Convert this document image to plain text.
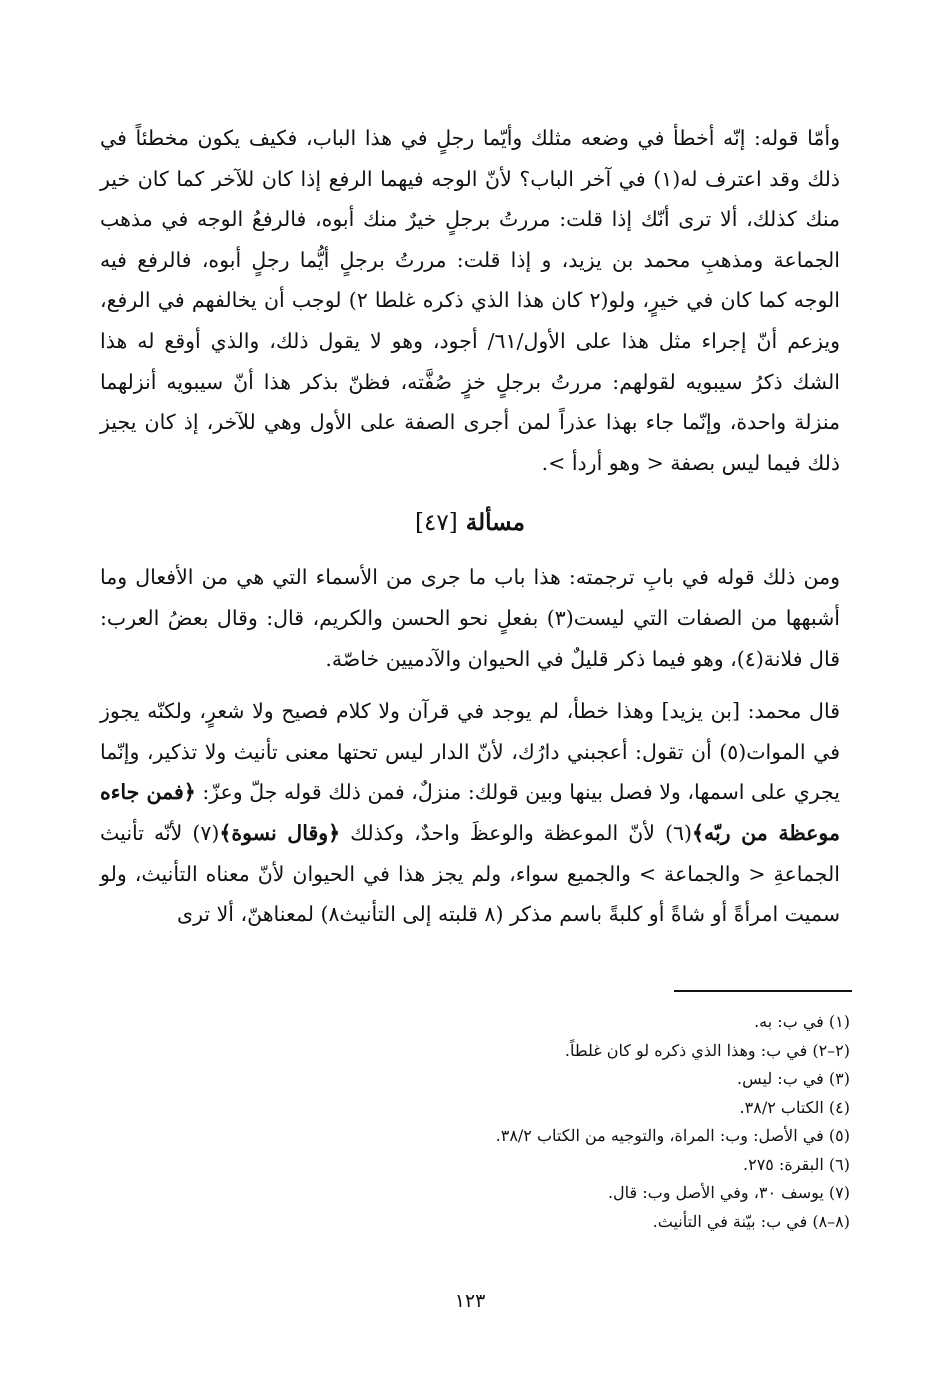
وأمّا قوله: إنّه أخطأ في وضعه مثلك وأيّما رجلٍ في هذا الباب، فكيف يكون مخطئاً في ذلك وقد اعترف له(١) في آخر الباب؟ لأنّ الوجه فيهما الرفع إذا كان للآخر كما كان خير منك كذلك، ألا ترى أنّك إذا قلت: مررتُ برجلٍ خيرٌ منك أبوه، فالرفعُ الوجه في مذهب الجماعة ومذهبِ محمد بن يزيد، و إذا قلت: مررتُ برجلٍ أيُّما رجلٍ أبوه، فالرفع فيه الوجه كما كان في خيرٍ، ولو(٢ كان هذا الذي ذكره غلطا ٢) لوجب أن يخالفهم في الرفع، ويزعم أنّ إجراء مثل هذا على الأول/٦١/ أجود، وهو لا يقول ذلك، والذي أوقع له هذا الشك ذكرُ سيبويه لقولهم: مررتُ برجلٍ خزٍ صُفَّته، فظنّ بذكر هذا أنّ سيبويه أنزلهما منزلة واحدة، وإنّما جاء بهذا عذراً لمن أجرى الصفة على الأول وهي للآخر، إذ كان يجيز ذلك فيما ليس بصفة < وهو أردأ >.

مسألة [٤٧]

ومن ذلك قوله في بابِ ترجمته: هذا باب ما جرى من الأسماء التي هي من الأفعال وما أشبهها من الصفات التي ليست(٣) بفعلٍ نحو الحسن والكريم، قال: وقال بعضُ العرب: قال فلانة(٤)، وهو فيما ذكر قليلٌ في الحيوان والآدميين خاصّة.

قال محمد: [بن يزيد] وهذا خطأ، لم يوجد في قرآن ولا كلام فصيح ولا شعرٍ، ولكنّه يجوز في الموات(٥) أن تقول: أعجبني دارُك، لأنّ الدار ليس تحتها معنى تأنيث ولا تذكير، وإنّما يجري على اسمها، ولا فصل بينها وبين قولك: منزلٌ، فمن ذلك قوله جلّ وعزّ: ﴿فمن جاءه موعظة من ربّه﴾(٦) لأنّ الموعظة والوعظَ واحدٌ، وكذلك ﴿وقال نسوة﴾(٧) لأنّه تأنيث الجماعةِ < والجماعة > والجميع سواء، ولم يجز هذا في الحيوان لأنّ معناه التأنيث، ولو سميت امرأةً أو شاةً أو كلبةً باسم مذكر (٨ قلبته إلى التأنيث٨) لمعناهنّ، ألا ترى

(١) في ب: به.

(٢–٢) في ب: وهذا الذي ذكره لو كان غلطاً.

(٣) في ب: ليس.

(٤) الكتاب ٣٨/٢.

(٥) في الأصل: وب: المراة، والتوجيه من الكتاب ٣٨/٢.

(٦) البقرة: ٢٧٥.

(٧) يوسف ٣٠، وفي الأصل وب: قال.

(٨–٨) في ب: بيّنة في التأنيث.

١٢٣
